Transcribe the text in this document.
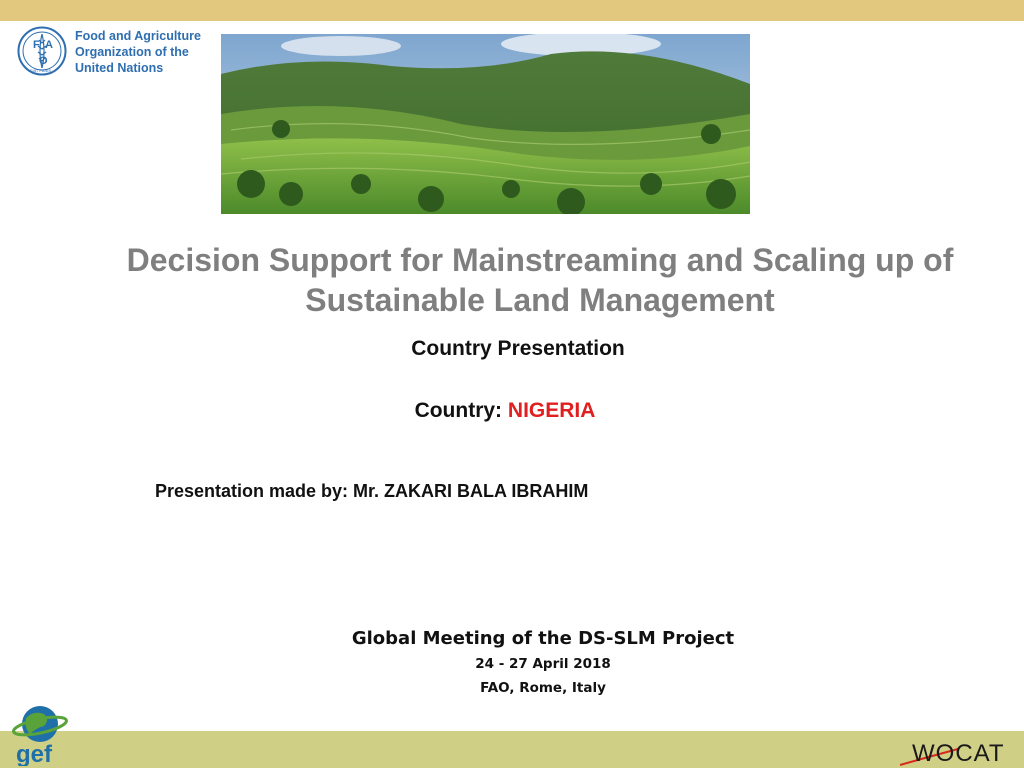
F A
O
FIAT PANIS
Food and Agriculture
Organization of the
United Nations
Decision Support for Mainstreaming and Scaling up of Sustainable Land Management
Country Presentation
Country: NIGERIA
Presentation made by: Mr. ZAKARI BALA IBRAHIM
Global Meeting of the DS-SLM Project
24 - 27 April 2018
FAO, Rome, Italy
gef	WOCAT
